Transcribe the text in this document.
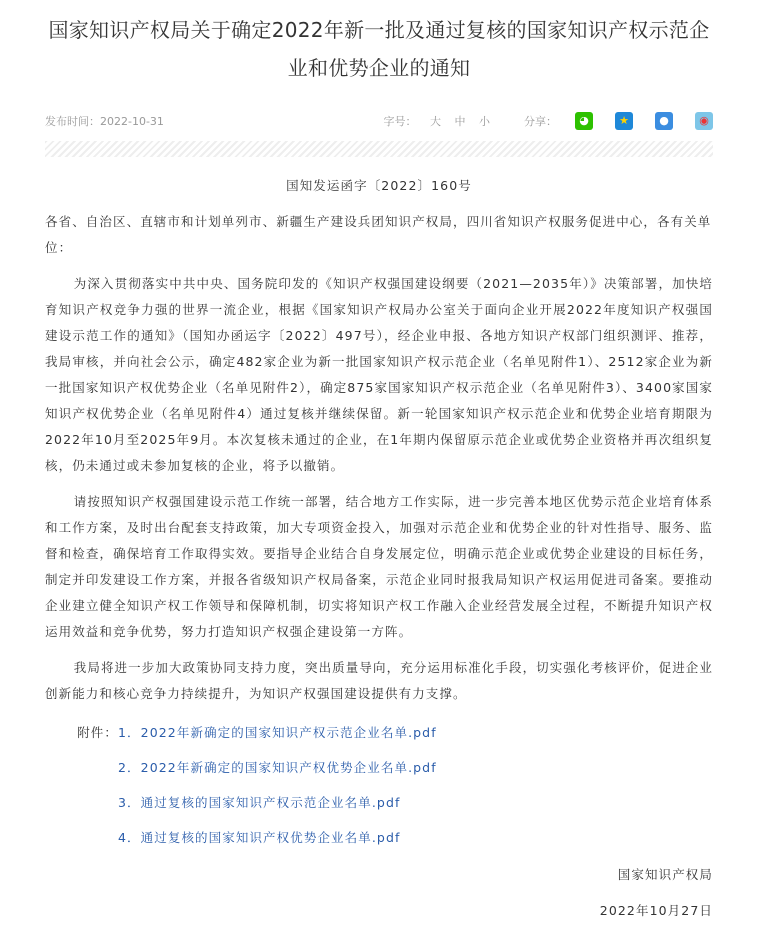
国家知识产权局关于确定2022年新一批及通过复核的国家知识产权示范企业和优势企业的通知
发布时间：2022-10-31	字号： 大 中 小	分享：	◕	★	●	◉
国知发运函字〔2022〕160号
各省、自治区、直辖市和计划单列市、新疆生产建设兵团知识产权局，四川省知识产权服务促进中心，各有关单位：
为深入贯彻落实中共中央、国务院印发的《知识产权强国建设纲要（2021—2035年）》决策部署，加快培育知识产权竞争力强的世界一流企业，根据《国家知识产权局办公室关于面向企业开展2022年度知识产权强国建设示范工作的通知》（国知办函运字〔2022〕497号），经企业申报、各地方知识产权部门组织测评、推荐，我局审核，并向社会公示，确定482家企业为新一批国家知识产权示范企业（名单见附件1）、2512家企业为新一批国家知识产权优势企业（名单见附件2），确定875家国家知识产权示范企业（名单见附件3）、3400家国家知识产权优势企业（名单见附件4）通过复核并继续保留。新一轮国家知识产权示范企业和优势企业培育期限为2022年10月至2025年9月。本次复核未通过的企业，在1年期内保留原示范企业或优势企业资格并再次组织复核，仍未通过或未参加复核的企业，将予以撤销。
请按照知识产权强国建设示范工作统一部署，结合地方工作实际，进一步完善本地区优势示范企业培育体系和工作方案，及时出台配套支持政策，加大专项资金投入，加强对示范企业和优势企业的针对性指导、服务、监督和检查，确保培育工作取得实效。要指导企业结合自身发展定位，明确示范企业或优势企业建设的目标任务，制定并印发建设工作方案，并报各省级知识产权局备案，示范企业同时报我局知识产权运用促进司备案。要推动企业建立健全知识产权工作领导和保障机制，切实将知识产权工作融入企业经营发展全过程，不断提升知识产权运用效益和竞争优势，努力打造知识产权强企建设第一方阵。
我局将进一步加大政策协同支持力度，突出质量导向，充分运用标准化手段，切实强化考核评价，促进企业创新能力和核心竞争力持续提升，为知识产权强国建设提供有力支撑。
附件：1．2022年新确定的国家知识产权示范企业名单.pdf
2．2022年新确定的国家知识产权优势企业名单.pdf
3．通过复核的国家知识产权示范企业名单.pdf
4．通过复核的国家知识产权优势企业名单.pdf
国家知识产权局
2022年10月27日
